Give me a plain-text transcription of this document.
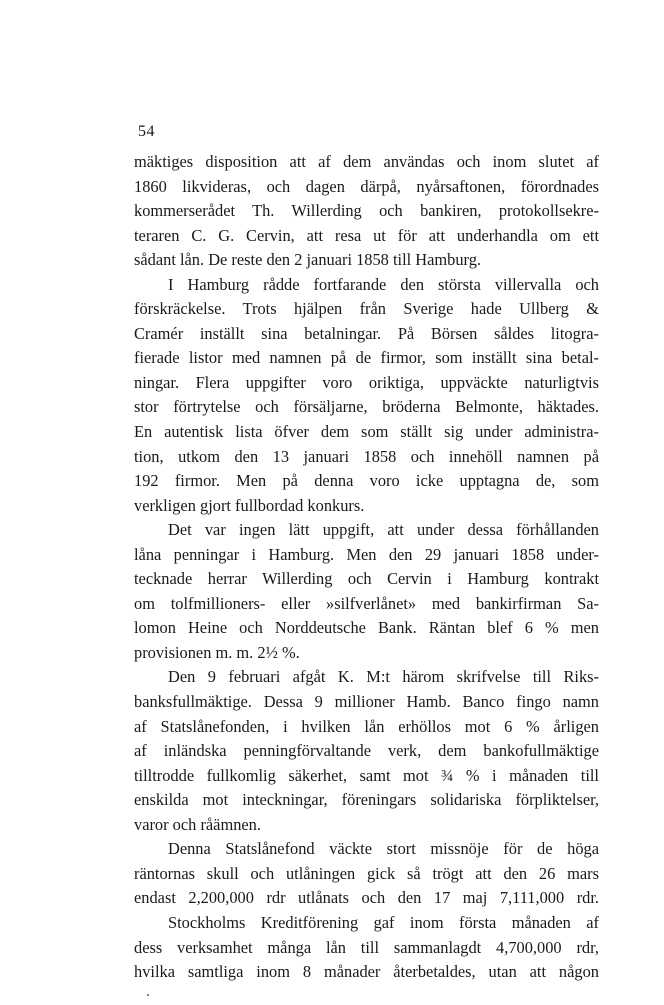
54
mäktiges disposition att af dem användas och inom slutet af
1860 likvideras, och dagen därpå, nyårsaftonen, förordnades
kommerserådet Th. Willerding och bankiren, protokollsekre-
teraren C. G. Cervin, att resa ut för att underhandla om ett
sådant lån. De reste den 2 januari 1858 till Hamburg.
I Hamburg rådde fortfarande den största villervalla och
förskräckelse. Trots hjälpen från Sverige hade Ullberg &
Cramér inställt sina betalningar. På Börsen såldes litogra-
fierade listor med namnen på de firmor, som inställt sina betal-
ningar. Flera uppgifter voro oriktiga, uppväckte naturligtvis
stor förtrytelse och försäljarne, bröderna Belmonte, häktades.
En autentisk lista öfver dem som ställt sig under administra-
tion, utkom den 13 januari 1858 och innehöll namnen på
192 firmor. Men på denna voro icke upptagna de, som
verkligen gjort fullbordad konkurs.
Det var ingen lätt uppgift, att under dessa förhållanden
låna penningar i Hamburg. Men den 29 januari 1858 under-
tecknade herrar Willerding och Cervin i Hamburg kontrakt
om tolfmillioners- eller »silfverlånet» med bankirfirman Sa-
lomon Heine och Norddeutsche Bank. Räntan blef 6 % men
provisionen m. m. 2½ %.
Den 9 februari afgåt K. M:t härom skrifvelse till Riks-
banksfullmäktige. Dessa 9 millioner Hamb. Banco fingo namn
af Statslånefonden, i hvilken lån erhöllos mot 6 % årligen
af inländska penningförvaltande verk, dem bankofullmäktige
tilltrodde fullkomlig säkerhet, samt mot ¾ % i månaden till
enskilda mot inteckningar, föreningars solidariska förpliktelser,
varor och råämnen.
Denna Statslånefond väckte stort missnöje för de höga
räntornas skull och utlåningen gick så trögt att den 26 mars
endast 2,200,000 rdr utlånats och den 17 maj 7,111,000 rdr.
Stockholms Kreditförening gaf inom första månaden af
dess verksamhet många lån till sammanlagdt 4,700,000 rdr,
hvilka samtliga inom 8 månader återbetaldes, utan att någon
